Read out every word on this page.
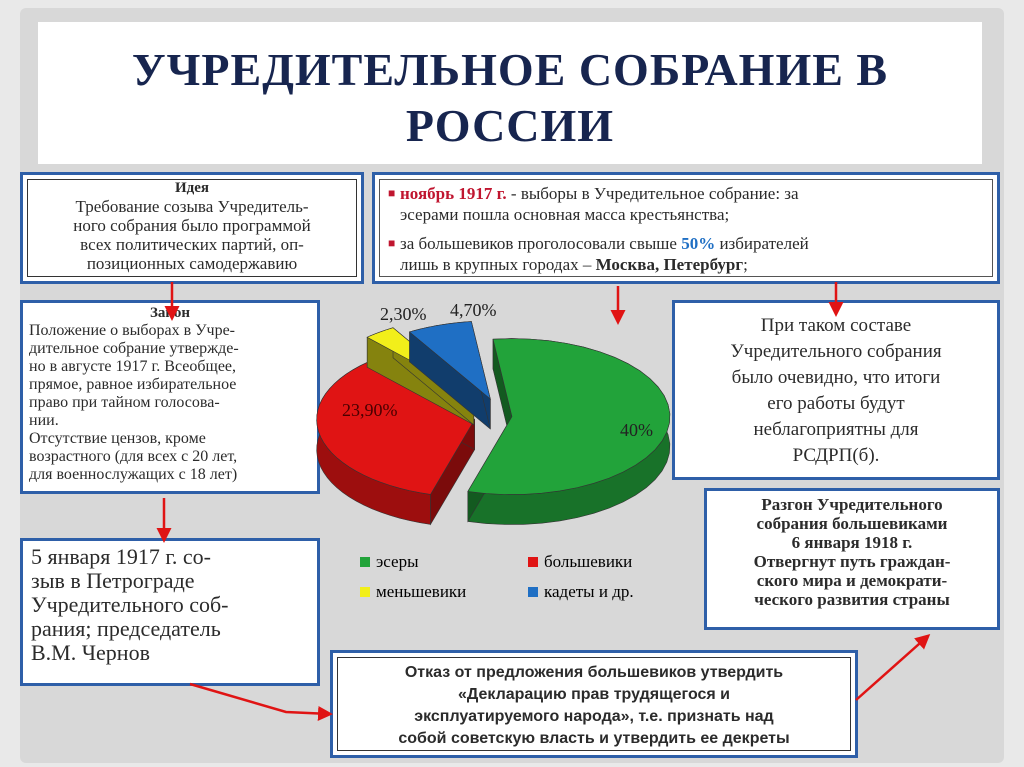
УЧРЕДИТЕЛЬНОЕ СОБРАНИЕ В РОССИИ
Идея
Требование созыва Учредитель-
ного собрания было программой
всех политических партий, оп-
позиционных самодержавию
■ ноябрь 1917 г. - выборы в Учредительное собрание: за
эсерами пошла основная масса крестьянства;
■ за большевиков проголосовали свыше 50% избирателей
лишь в крупных городах – Москва, Петербург;
Закон
Положение о выборах в Учре-
дительное собрание утвержде-
но в августе 1917 г. Всеобщее,
прямое, равное избирательное
право при тайном голосова-
нии.
Отсутствие цензов, кроме
возрастного (для всех с 20 лет,
для военнослужащих с 18 лет)
При таком составе
Учредительного собрания
было очевидно, что итоги
его работы будут
неблагоприятны для
РСДРП(б).
Разгон Учредительного
собрания большевиками
6 января 1918 г.
Отвергнут путь граждан-
ского мира и демократи-
ческого развития страны
5 января 1917 г. со-
зыв в Петрограде
Учредительного соб-
рания; председатель
В.М. Чернов
Отказ от предложения большевиков утвердить
«Декларацию прав трудящегося и
эксплуатируемого народа», т.е. признать над
собой советскую власть и утвердить ее декреты
40%
23,90%
2,30% 4,70%
эсеры	большевики
меньшевики	кадеты и др.
